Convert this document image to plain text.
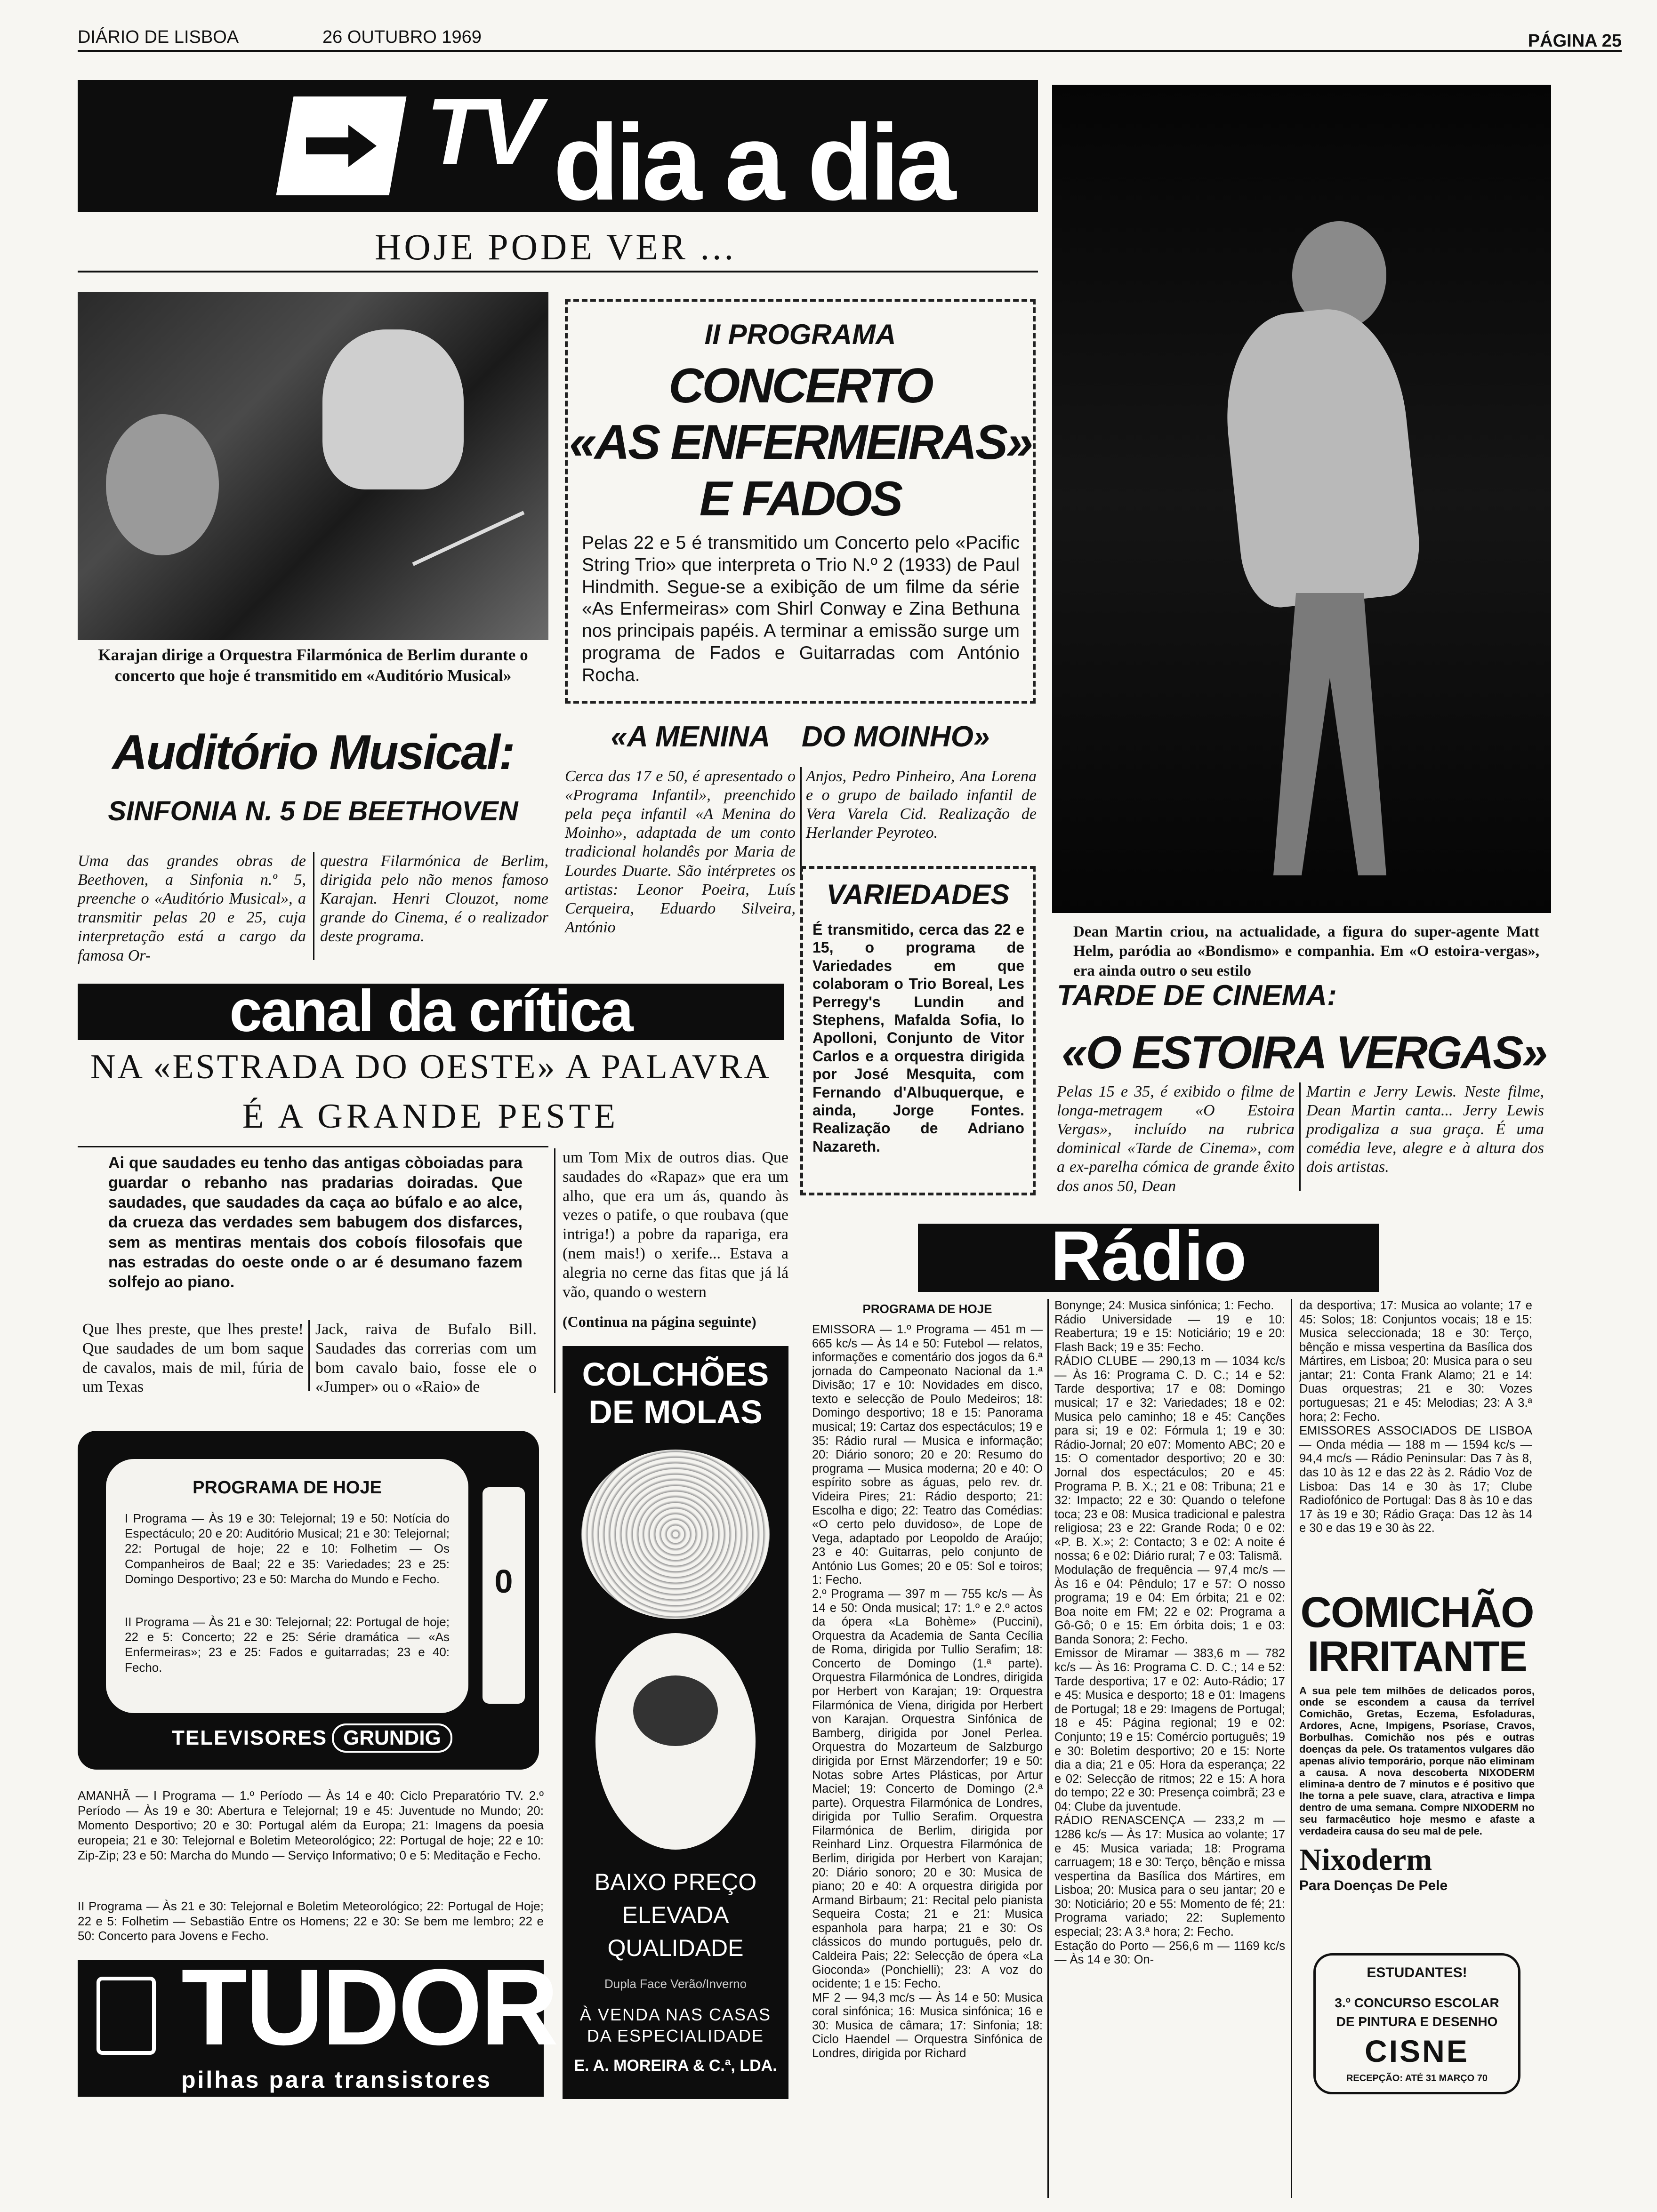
DIÁRIO DE LISBOA	26 OUTUBRO 1969	PÁGINA 25
TV dia a dia
HOJE PODE VER ...
Karajan dirige a Orquestra Filarmónica de Berlim durante o concerto que hoje é transmitido em «Auditório Musical»
Auditório Musical:
SINFONIA N. 5 DE BEETHOVEN
Uma das grandes obras de Beethoven, a Sinfonia n.º 5, preenche o «Auditório Musical», a transmitir pelas 20 e 25, cuja interpretação está a cargo da famosa Or-
questra Filarmónica de Berlim, dirigida pelo não menos famoso Karajan. Henri Clouzot, nome grande do Cinema, é o realizador deste programa.
II PROGRAMA
CONCERTO
«AS ENFERMEIRAS»
E FADOS
Pelas 22 e 5 é transmitido um Concerto pelo «Pacific String Trio» que interpreta o Trio N.º 2 (1933) de Paul Hindmith. Segue-se a exibição de um filme da série «As Enfermeiras» com Shirl Conway e Zina Bethuna nos principais papéis. A terminar a emissão surge um programa de Fados e Guitarradas com António Rocha.
«A MENINA    DO MOINHO»
Cerca das 17 e 50, é apresentado o «Programa Infantil», preenchido pela peça infantil «A Menina do Moinho», adaptada de um conto tradicional holandês por Maria de Lourdes Duarte. São intérpretes os artistas: Leonor Poeira, Luís Cerqueira, Eduardo Silveira, António
Anjos, Pedro Pinheiro, Ana Lorena e o grupo de bailado infantil de Vera Varela Cid. Realização de Herlander Peyroteo.
VARIEDADES
É transmitido, cerca das 22 e 15, o programa de Variedades em que colaboram o Trio Boreal, Les Perregy's Lundin and Stephens, Mafalda Sofia, Io Apolloni, Conjunto de Vitor Carlos e a orquestra dirigida por José Mesquita, com Fernando d'Albuquerque, e ainda, Jorge Fontes. Realização de Adriano Nazareth.
Dean Martin criou, na actualidade, a figura do super-agente Matt Helm, paródia ao «Bondismo» e companhia. Em «O estoira-vergas», era ainda outro o seu estilo
TARDE DE CINEMA:
«O ESTOIRA VERGAS»
Pelas 15 e 35, é exibido o filme de longa-metragem «O Estoira Vergas», incluído na rubrica dominical «Tarde de Cinema», com a ex-parelha cómica de grande êxito dos anos 50, Dean
Martin e Jerry Lewis. Neste filme, Dean Martin canta... Jerry Lewis prodigaliza a sua graça. É uma comédia leve, alegre e à altura dos dois artistas.
canal da crítica
NA «ESTRADA DO OESTE» A PALAVRA
É A GRANDE PESTE
Ai que saudades eu tenho das antigas còboiadas para guardar o rebanho nas pradarias doiradas. Que saudades, que saudades da caça ao búfalo e ao alce, da crueza das verdades sem babugem dos disfarces, sem as mentiras mentais dos coboís filosofais que nas estradas do oeste onde o ar é desumano fazem solfejo ao piano.
Que lhes preste, que lhes preste! Que saudades de um bom saque de cavalos, mais de mil, fúria de um Texas
Jack, raiva de Bufalo Bill. Saudades das correrias com um bom cavalo baio, fosse ele o «Jumper» ou o «Raio» de
um Tom Mix de outros dias. Que saudades do «Rapaz» que era um alho, que era um ás, quando às vezes o patife, o que roubava (que intriga!) a pobre da rapariga, era (nem mais!) o xerife... Estava a alegria no cerne das fitas que já lá vão, quando o western
(Continua na página seguinte)
PROGRAMA DE HOJE
I Programa — Às 19 e 30: Telejornal; 19 e 50: Notícia do Espectáculo; 20 e 20: Auditório Musical; 21 e 30: Telejornal; 22: Portugal de hoje; 22 e 10: Folhetim — Os Companheiros de Baal; 22 e 35: Variedades; 23 e 25: Domingo Desportivo; 23 e 50: Marcha do Mundo e Fecho.
II Programa — Às 21 e 30: Telejornal; 22: Portugal de hoje; 22 e 5: Concerto; 22 e 25: Série dramática — «As Enfermeiras»; 23 e 25: Fados e guitarradas; 23 e 40: Fecho.
0
TELEVISORES GRUNDIG
AMANHÃ — I Programa — 1.º Período — Às 14 e 40: Ciclo Preparatório TV. 2.º Período — Às 19 e 30: Abertura e Telejornal; 19 e 45: Juventude no Mundo; 20: Momento Desportivo; 20 e 30: Portugal além da Europa; 21: Imagens da poesia europeia; 21 e 30: Telejornal e Boletim Meteorológico; 22: Portugal de hoje; 22 e 10: Zip-Zip; 23 e 50: Marcha do Mundo — Serviço Informativo; 0 e 5: Meditação e Fecho.
II Programa — Às 21 e 30: Telejornal e Boletim Meteorológico; 22: Portugal de Hoje; 22 e 5: Folhetim — Sebastião Entre os Homens; 22 e 30: Se bem me lembro; 22 e 50: Concerto para Jovens e Fecho.
TUDOR
pilhas para transistores
COLCHÕES
DE MOLAS
BAIXO PREÇO
ELEVADA
QUALIDADE
Dupla Face Verão/Inverno
À VENDA NAS CASAS
DA ESPECIALIDADE
E. A. MOREIRA & C.ª, LDA.
Rádio
PROGRAMA DE HOJE
EMISSORA — 1.º Programa — 451 m — 665 kc/s — Às 14 e 50: Futebol — relatos, informações e comentário dos jogos da 6.ª jornada do Campeonato Nacional da 1.ª Divisão; 17 e 10: Novidades em disco, texto e selecção de Poulo Medeiros; 18: Domingo desportivo; 18 e 15: Panorama musical; 19: Cartaz dos espectáculos; 19 e 35: Rádio rural — Musica e informação; 20: Diário sonoro; 20 e 20: Resumo do programa — Musica moderna; 20 e 40: O espírito sobre as águas, pelo rev. dr. Videira Pires; 21: Rádio desporto; 21: Escolha e digo; 22: Teatro das Comédias: «O certo pelo duvidoso», de Lope de Vega, adaptado por Leopoldo de Araújo; 23 e 40: Guitarras, pelo conjunto de António Lus Gomes; 20 e 05: Sol e toiros; 1: Fecho.
2.º Programa — 397 m — 755 kc/s — Às 14 e 50: Onda musical; 17: 1.º e 2.º actos da ópera «La Bohème» (Puccini), Orquestra da Academia de Santa Cecília de Roma, dirigida por Tullio Serafim; 18: Concerto de Domingo (1.ª parte). Orquestra Filarmónica de Londres, dirigida por Herbert von Karajan; 19: Orquestra Filarmónica de Viena, dirigida por Herbert von Karajan. Orquestra Sinfónica de Bamberg, dirigida por Jonel Perlea. Orquestra do Mozarteum de Salzburgo dirigida por Ernst Märzendorfer; 19 e 50: Notas sobre Artes Plásticas, por Artur Maciel; 19: Concerto de Domingo (2.ª parte). Orquestra Filarmónica de Londres, dirigida por Tullio Serafim. Orquestra Filarmónica de Berlim, dirigida por Reinhard Linz. Orquestra Filarmónica de Berlim, dirigida por Herbert von Karajan; 20: Diário sonoro; 20 e 30: Musica de piano; 20 e 40: A orquestra dirigida por Armand Birbaum; 21: Recital pelo pianista Sequeira Costa; 21 e 21: Musica espanhola para harpa; 21 e 30: Os clássicos do mundo português, pelo dr. Caldeira Pais; 22: Selecção de ópera «La Gioconda» (Ponchielli); 23: A voz do ocidente; 1 e 15: Fecho.
MF 2 — 94,3 mc/s — Às 14 e 50: Musica coral sinfónica; 16: Musica sinfónica; 16 e 30: Musica de câmara; 17: Sinfonia; 18: Ciclo Haendel — Orquestra Sinfónica de Londres, dirigida por Richard
Bonynge; 24: Musica sinfónica; 1: Fecho.
Rádio Universidade — 19 e 10: Reabertura; 19 e 15: Noticiário; 19 e 20: Flash Back; 19 e 35: Fecho.
RÁDIO CLUBE — 290,13 m — 1034 kc/s — Às 16: Programa C. D. C.; 14 e 52: Tarde desportiva; 17 e 08: Domingo musical; 17 e 32: Variedades; 18 e 02: Musica pelo caminho; 18 e 45: Canções para si; 19 e 02: Fórmula 1; 19 e 30: Rádio-Jornal; 20 e07: Momento ABC; 20 e 15: O comentador desportivo; 20 e 30: Jornal dos espectáculos; 20 e 45: Programa P. B. X.; 21 e 08: Tribuna; 21 e 32: Impacto; 22 e 30: Quando o telefone toca; 23 e 08: Musica tradicional e palestra religiosa; 23 e 22: Grande Roda; 0 e 02: «P. B. X.»; 2: Contacto; 3 e 02: A noite é nossa; 6 e 02: Diário rural; 7 e 03: Talismã.
Modulação de frequência — 97,4 mc/s — Às 16 e 04: Pêndulo; 17 e 57: O nosso programa; 19 e 04: Em órbita; 21 e 02: Boa noite em FM; 22 e 02: Programa a Gô-Gô; 0 e 15: Em órbita dois; 1 e 03: Banda Sonora; 2: Fecho.
Emissor de Miramar — 383,6 m — 782 kc/s — Às 16: Programa C. D. C.; 14 e 52: Tarde desportiva; 17 e 02: Auto-Rádio; 17 e 45: Musica e desporto; 18 e 01: Imagens de Portugal; 18 e 29: Imagens de Portugal; 18 e 45: Página regional; 19 e 02: Conjunto; 19 e 15: Comércio português; 19 e 30: Boletim desportivo; 20 e 15: Norte dia a dia; 21 e 05: Hora da esperança; 22 e 02: Selecção de ritmos; 22 e 15: A hora do tempo; 22 e 30: Presença coimbrã; 23 e 04: Clube da juventude.
RÁDIO RENASCENÇA — 233,2 m — 1286 kc/s — Às 17: Musica ao volante; 17 e 45: Musica variada; 18: Programa carruagem; 18 e 30: Terço, bênção e missa vespertina da Basílica dos Mártires, em Lisboa; 20: Musica para o seu jantar; 20 e 30: Noticiário; 20 e 55: Momento de fé; 21: Programa variado; 22: Suplemento especial; 23: A 3.ª hora; 2: Fecho.
Estação do Porto — 256,6 m — 1169 kc/s — Às 14 e 30: On-
da desportiva; 17: Musica ao volante; 17 e 45: Solos; 18: Conjuntos vocais; 18 e 15: Musica seleccionada; 18 e 30: Terço, bênção e missa vespertina da Basílica dos Mártires, em Lisboa; 20: Musica para o seu jantar; 21: Conta Frank Alamo; 21 e 14: Duas orquestras; 21 e 30: Vozes portuguesas; 21 e 45: Melodias; 23: A 3.ª hora; 2: Fecho.
EMISSORES ASSOCIADOS DE LISBOA — Onda média — 188 m — 1594 kc/s — 94,4 mc/s — Rádio Peninsular: Das 7 às 8, das 10 às 12 e das 22 às 2. Rádio Voz de Lisboa: Das 14 e 30 às 17; Clube Radiofónico de Portugal: Das 8 às 10 e das 17 às 19 e 30; Rádio Graça: Das 12 às 14 e 30 e das 19 e 30 às 22.
COMICHÃO
IRRITANTE
A sua pele tem milhões de delicados poros, onde se escondem a causa da terrível Comichão, Gretas, Eczema, Esfoladuras, Ardores, Acne, Impigens, Psoríase, Cravos, Borbulhas. Comichão nos pés e outras doenças da pele. Os tratamentos vulgares dão apenas alívio temporário, porque não eliminam a causa. A nova descoberta NIXODERM elimina-a dentro de 7 minutos e é positivo que lhe torna a pele suave, clara, atractiva e limpa dentro de uma semana. Compre NIXODERM no seu farmacêutico hoje mesmo e afaste a verdadeira causa do seu mal de pele.
Nixoderm
Para Doenças De Pele
ESTUDANTES!
3.º CONCURSO ESCOLAR
DE PINTURA E DESENHO
CISNE
RECEPÇÃO: ATÉ 31 MARÇO 70
